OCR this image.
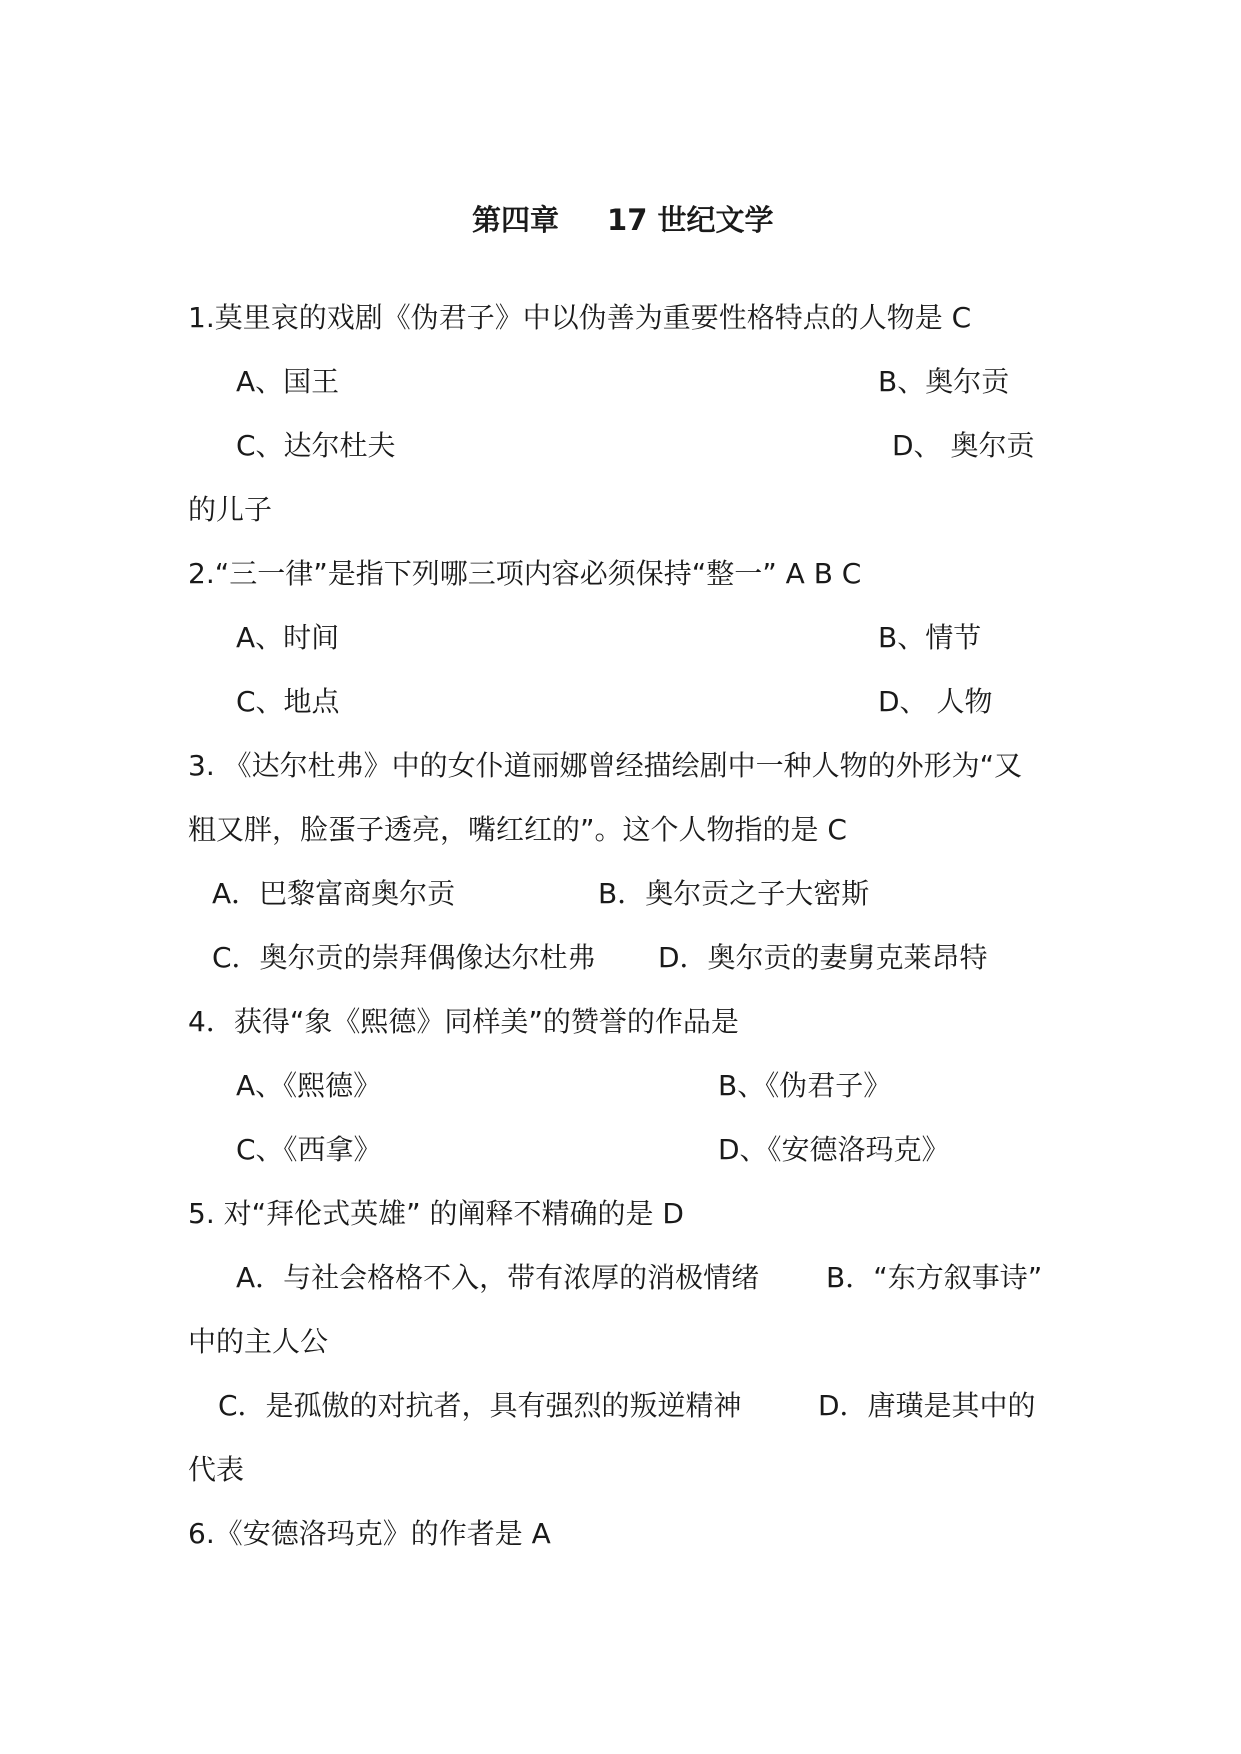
第四章 17 世纪文学
1.莫里哀的戏剧《伪君子》中以伪善为重要性格特点的人物是 C
A、国王	B、奥尔贡
C、达尔杜夫	D、 奥尔贡
的儿子
2.“三一律”是指下列哪三项内容必须保持“整一” A B C
A、时间	B、情节
C、地点	D、 人物
3. 《达尔杜弗》中的女仆道丽娜曾经描绘剧中一种人物的外形为“又
粗又胖，脸蛋子透亮，嘴红红的”。这个人物指的是 C
A．巴黎富商奥尔贡	B．奥尔贡之子大密斯
C．奥尔贡的崇拜偶像达尔杜弗 D．奥尔贡的妻舅克莱昂特
4．获得“象《熙德》同样美”的赞誉的作品是
A、《熙德》	B、《伪君子》
C、《西拿》	D、《安德洛玛克》
5. 对“拜伦式英雄” 的阐释不精确的是 D
A．与社会格格不入，带有浓厚的消极情绪 B．“东方叙事诗”
中的主人公
C．是孤傲的对抗者，具有强烈的叛逆精神	D．唐璜是其中的
代表
6.《安德洛玛克》的作者是 A
